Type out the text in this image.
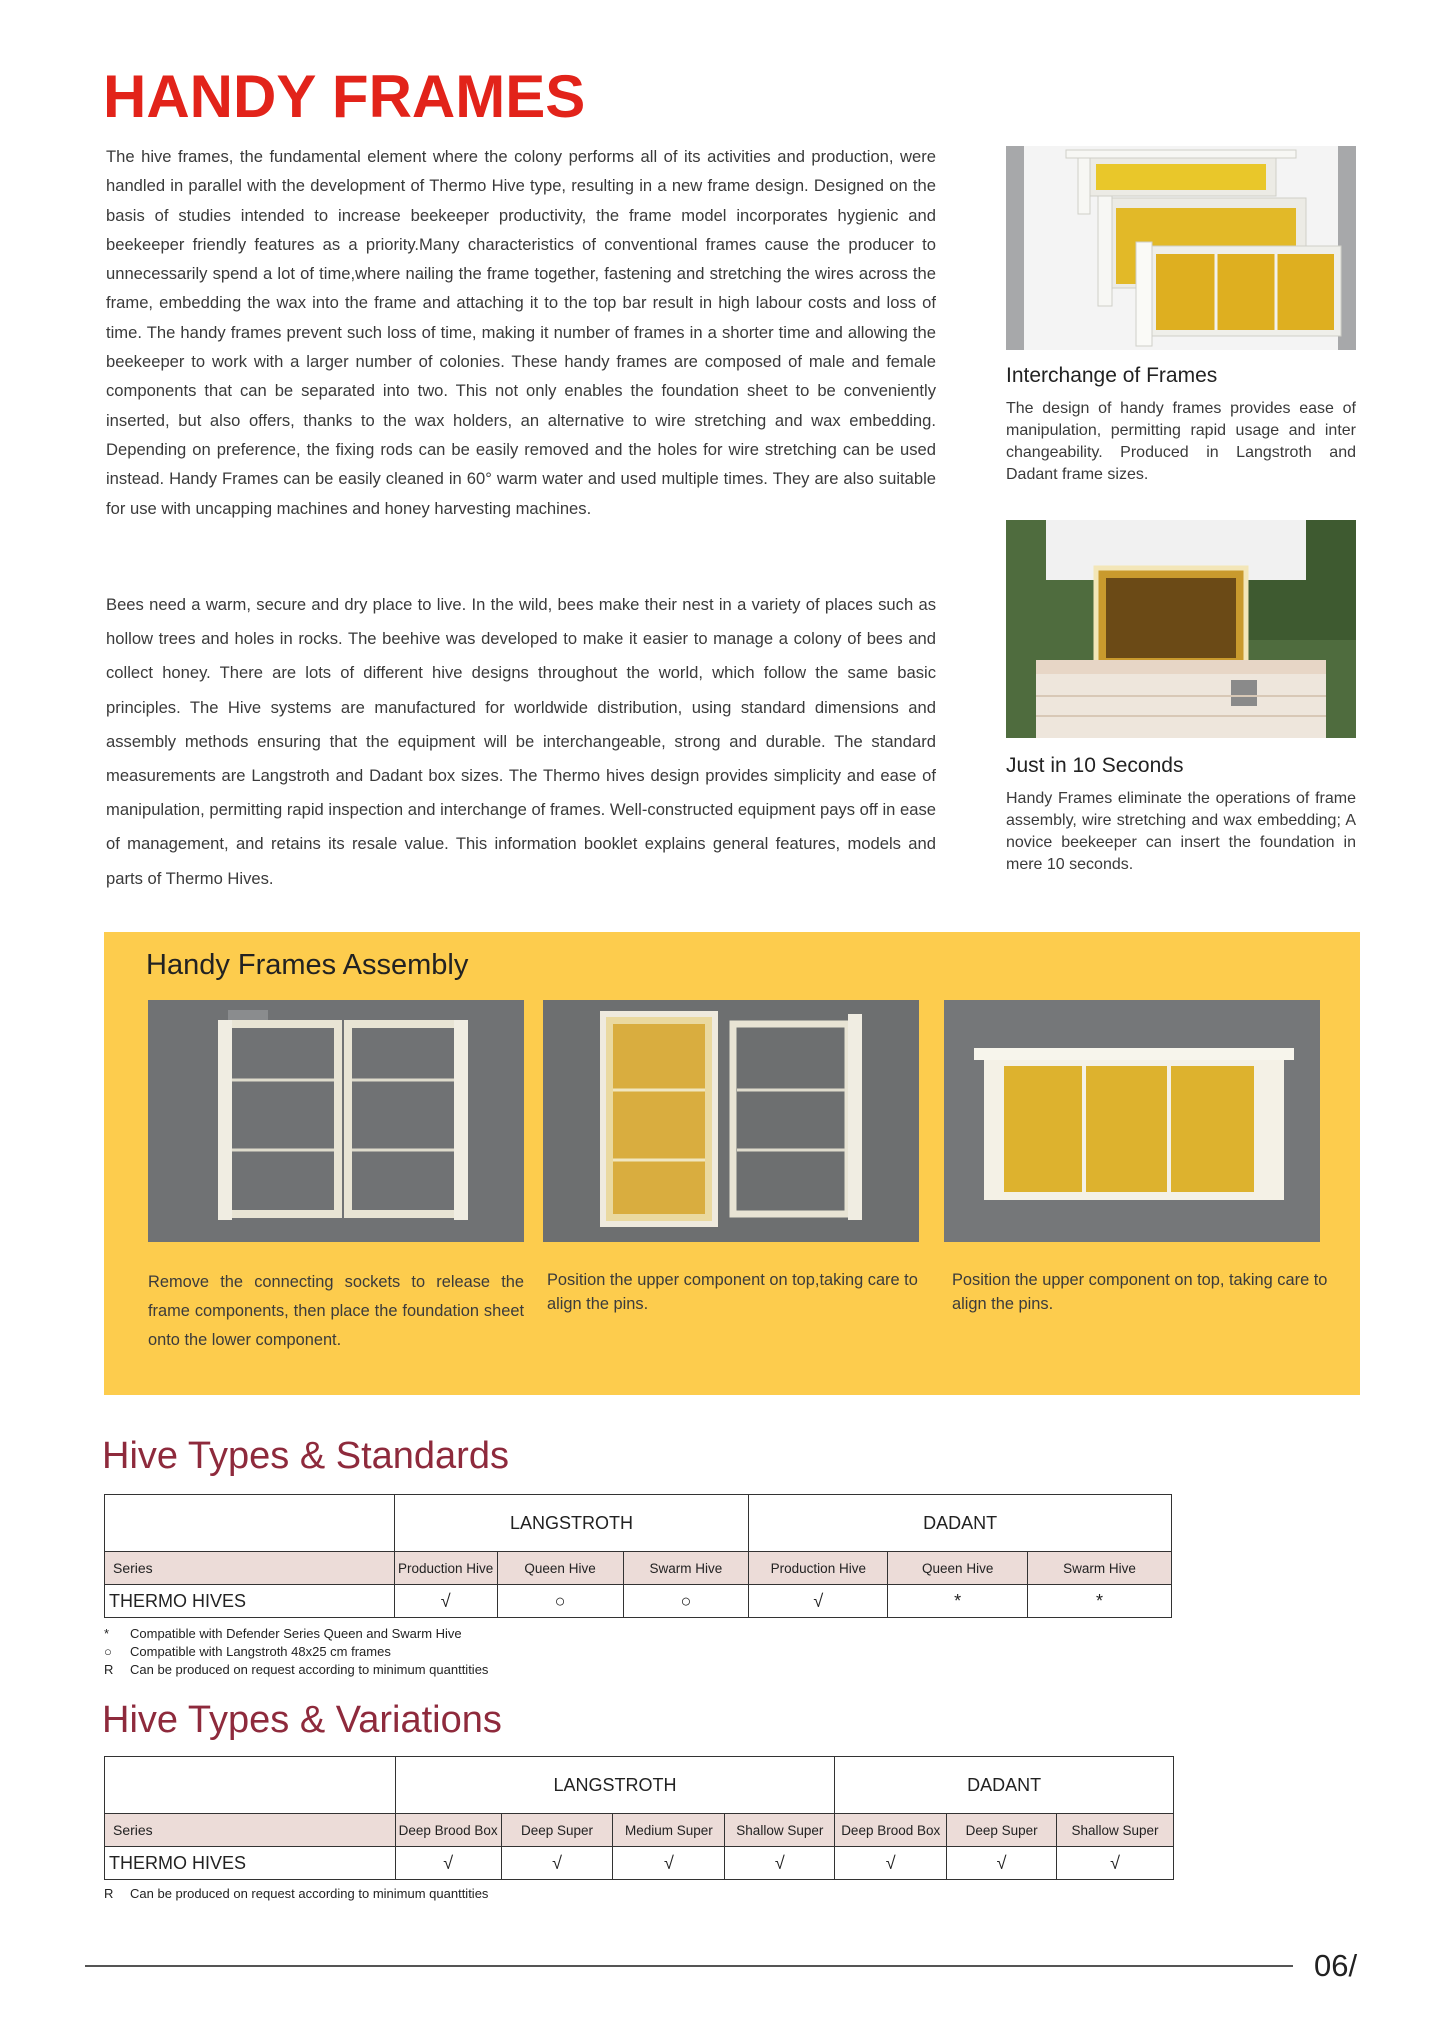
HANDY FRAMES

The hive frames, the fundamental element where the colony performs all of its activities and production, were handled in parallel with the development of Thermo Hive type, resulting in a new frame design. Designed on the basis of studies intended to increase beekeeper productivity, the frame model incorporates hygienic and beekeeper friendly features as a priority.Many characteristics of conventional frames cause the producer to unnecessarily spend a lot of time,where nailing the frame together, fastening and stretching the wires across the frame, embedding the wax into the frame and attaching it to the top bar result in high labour costs and loss of time. The handy frames prevent such loss of time, making it number of frames in a shorter time and allowing the beekeeper to work with a larger number of colonies. These handy frames are composed of male and female components that can be separated into two. This not only enables the foundation sheet to be conveniently inserted, but also offers, thanks to the wax holders, an alternative to wire stretching and wax embedding. Depending on preference, the fixing rods can be easily removed and the holes for wire stretching can be used instead. Handy Frames can be easily cleaned in 60° warm water and used multiple times. They are also suitable for use with uncapping machines and honey harvesting machines.

Bees need a warm, secure and dry place to live. In the wild, bees make their nest in a variety of places such as hollow trees and holes in rocks. The beehive was developed to make it easier to manage a colony of bees and collect honey. There are lots of different hive designs throughout the world, which follow the same basic principles. The Hive systems are manufactured for worldwide distribution, using standard dimensions and assembly methods ensuring that the equipment will be interchangeable, strong and durable. The standard measurements are Langstroth and Dadant box sizes. The Thermo hives design provides simplicity and ease of manipulation, permitting rapid inspection and interchange of frames. Well-constructed equipment pays off in ease of management, and retains its resale value. This information booklet explains general features, models and parts of Thermo Hives.

Interchange of Frames

The design of handy frames provides ease of manipulation, permitting rapid usage and inter changeability. Produced in Langstroth and Dadant frame sizes.

Just in 10 Seconds

Handy Frames eliminate the operations of frame assembly, wire stretching and wax embedding; A novice beekeeper can insert the foundation in mere 10 seconds.

Handy Frames Assembly

Remove the connecting sockets to release the frame components, then place the foundation sheet onto the lower component.

Position the upper component on top,taking care to align the pins.

Position the upper component on top, taking care to align the pins.

Hive Types & Standards
	LANGSTROTH			DADANT		
Series	Production Hive	Queen Hive	Swarm Hive	Production Hive	Queen Hive	Swarm Hive
THERMO HIVES	√	○	○	√	*	*
* Compatible with Defender Series Queen and Swarm Hive
○ Compatible with Langstroth 48x25 cm frames
R Can be produced on request according to minimum quanttities
Hive Types & Variations
	LANGSTROTH				DADANT		
Series	Deep Brood Box	Deep Super	Medium Super	Shallow Super	Deep Brood Box	Deep Super	Shallow Super
THERMO HIVES	√	√	√	√	√	√	√
R Can be produced on request according to minimum quanttities
06/
